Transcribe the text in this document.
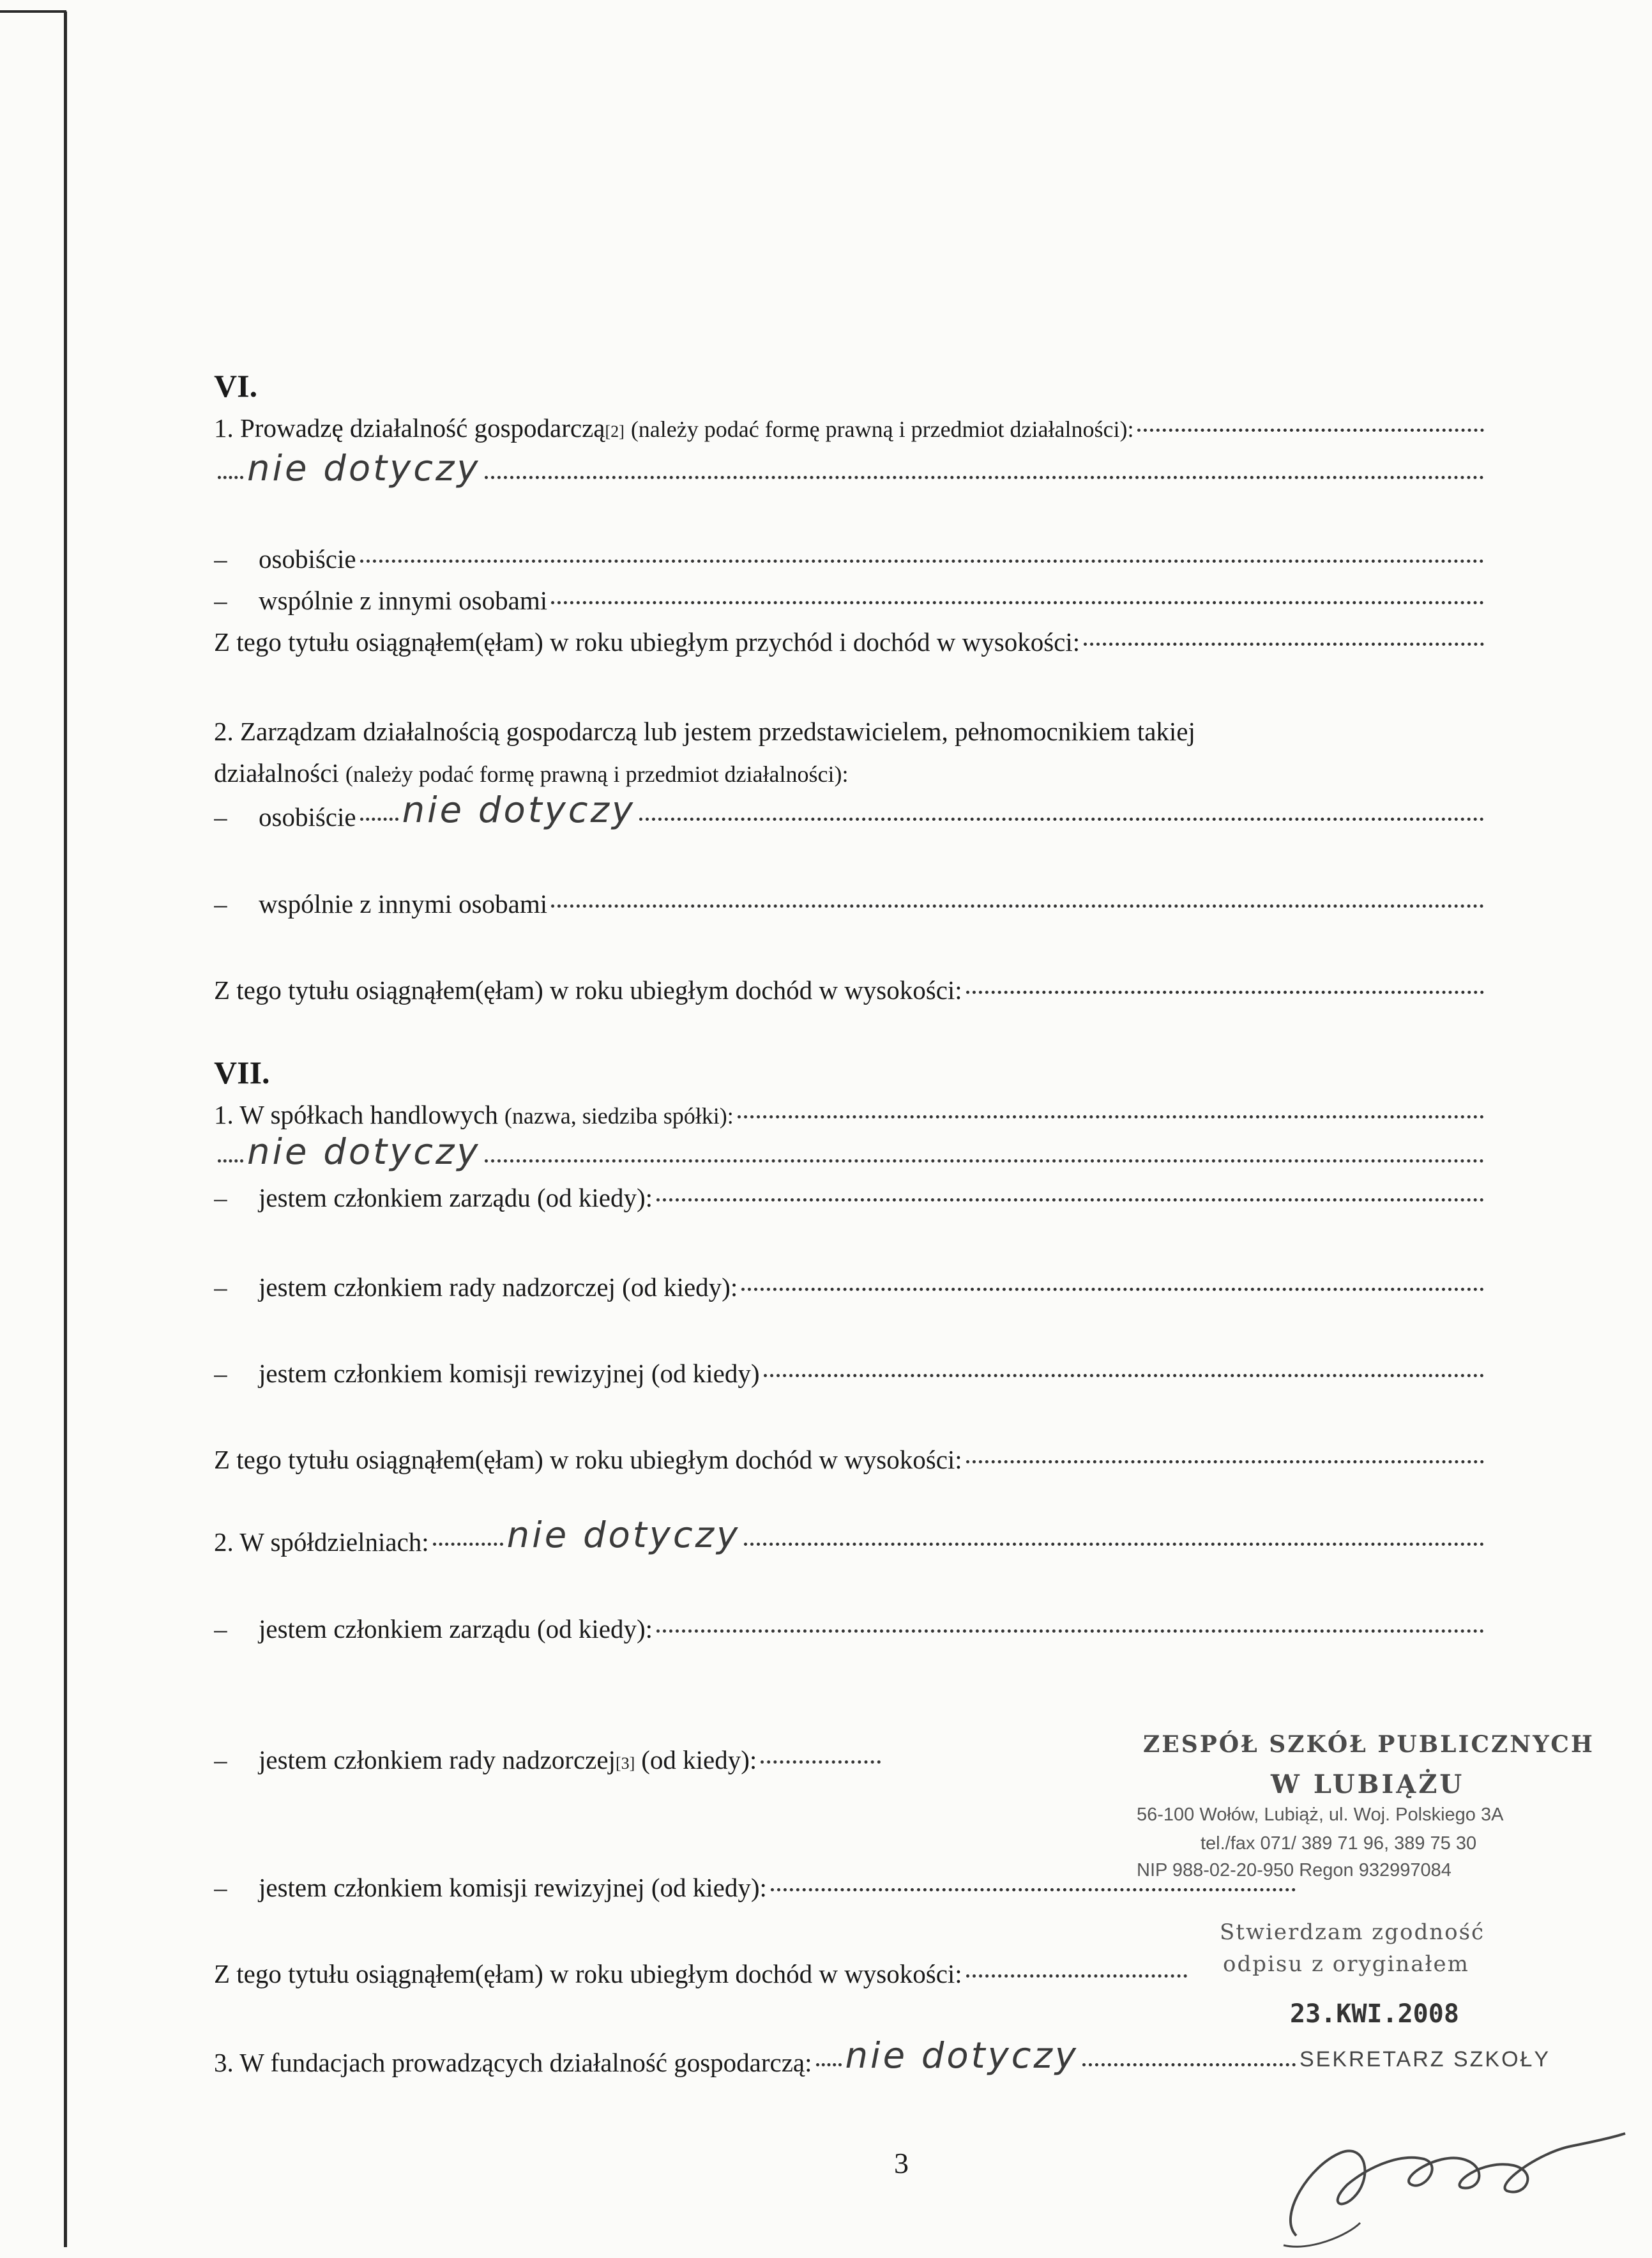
VI.
1. Prowadzę działalność gospodarczą [2] (należy podać formę prawną i przedmiot działalności):
nie dotyczy
–	osobiście
–	wspólnie z innymi osobami
Z tego tytułu osiągnąłem(ęłam) w roku ubiegłym przychód i dochód w wysokości:
2. Zarządzam działalnością gospodarczą lub jestem przedstawicielem, pełnomocnikiem takiej
działalności (należy podać formę prawną i przedmiot działalności):
–	osobiście nie dotyczy
–	wspólnie z innymi osobami
Z tego tytułu osiągnąłem(ęłam) w roku ubiegłym dochód w wysokości:
VII.
1. W spółkach handlowych (nazwa, siedziba spółki):
nie dotyczy
–	jestem członkiem zarządu (od kiedy):
–	jestem członkiem rady nadzorczej (od kiedy):
–	jestem członkiem komisji rewizyjnej (od kiedy)
Z tego tytułu osiągnąłem(ęłam) w roku ubiegłym dochód w wysokości:
2. W spółdzielniach: nie dotyczy
–	jestem członkiem zarządu (od kiedy):
–	jestem członkiem rady nadzorczej [3] (od kiedy):
–	jestem członkiem komisji rewizyjnej (od kiedy):
Z tego tytułu osiągnąłem(ęłam) w roku ubiegłym dochód w wysokości:
3. W fundacjach prowadzących działalność gospodarczą: nie dotyczy
ZESPÓŁ SZKÓŁ PUBLICZNYCH
W LUBIĄŻU
56-100 Wołów, Lubiąż, ul. Woj. Polskiego 3A
tel./fax 071/ 389 71 96, 389 75 30
NIP 988-02-20-950 Regon 932997084
Stwierdzam zgodność
odpisu z oryginałem
23.KWI.2008
SEKRETARZ SZKOŁY
3
